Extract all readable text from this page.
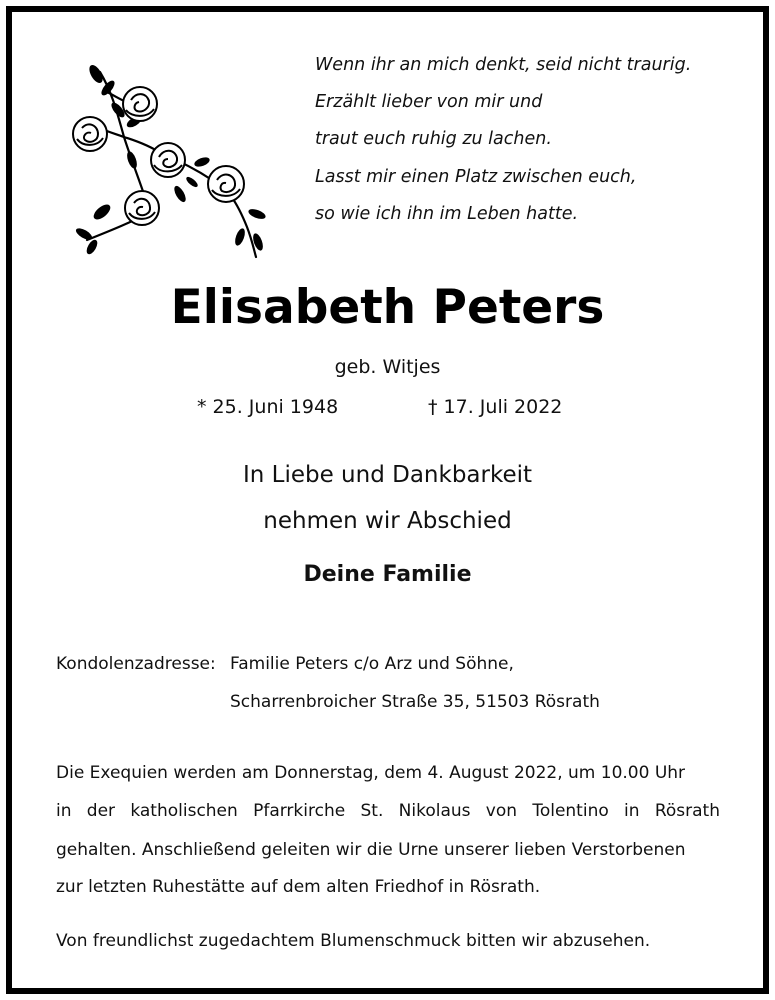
Wenn ihr an mich denkt, seid nicht traurig.
Erzählt lieber von mir und
traut euch ruhig zu lachen.
Lasst mir einen Platz zwischen euch,
so wie ich ihn im Leben hatte.
Elisabeth Peters
geb. Witjes
* 25. Juni 1948	† 17. Juli 2022
In Liebe und Dankbarkeit
nehmen wir Abschied
Deine Familie
Kondolenzadresse: Familie Peters c/o Arz und Söhne,
Scharrenbroicher Straße 35, 51503 Rösrath
Die Exequien werden am Donnerstag, dem 4. August 2022, um 10.00 Uhr
in der katholischen Pfarrkirche St. Nikolaus von Tolentino in Rösrath
gehalten. Anschließend geleiten wir die Urne unserer lieben Verstorbenen
zur letzten Ruhestätte auf dem alten Friedhof in Rösrath.
Von freundlichst zugedachtem Blumenschmuck bitten wir abzusehen.
